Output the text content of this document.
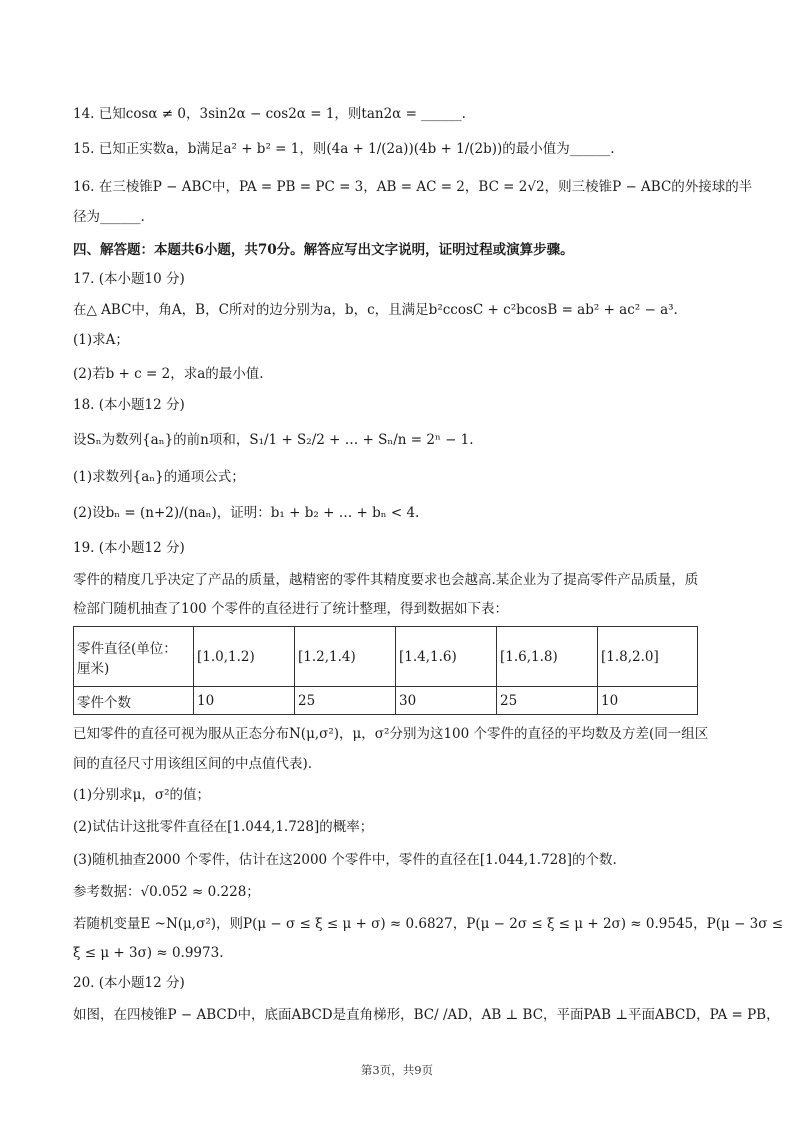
14. 已知cosα ≠ 0，3sin2α − cos2α = 1，则tan2α = ______.
15. 已知正实数a，b满足a² + b² = 1，则(4a + 1/(2a))(4b + 1/(2b))的最小值为______.
16. 在三棱锥P − ABC中，PA = PB = PC = 3，AB = AC = 2，BC = 2√2，则三棱锥P − ABC的外接球的半
径为______.
四、解答题：本题共6小题，共70分。解答应写出文字说明，证明过程或演算步骤。
17. (本小题10 分)
在△ ABC中，角A，B，C所对的边分别为a，b，c，且满足b²ccosC + c²bcosB = ab² + ac² − a³.
(1)求A；
(2)若b + c = 2，求a的最小值.
18. (本小题12 分)
设Sₙ为数列{aₙ}的前n项和，S₁/1 + S₂/2 + … + Sₙ/n = 2ⁿ − 1.
(1)求数列{aₙ}的通项公式；
(2)设bₙ = (n+2)/(naₙ)，证明：b₁ + b₂ + … + bₙ < 4.
19. (本小题12 分)
零件的精度几乎决定了产品的质量，越精密的零件其精度要求也会越高.某企业为了提高零件产品质量，质
检部门随机抽查了100 个零件的直径进行了统计整理，得到数据如下表：
零件直径(单位：厘米)	[1.0,1.2)	[1.2,1.4)	[1.4,1.6)	[1.6,1.8)	[1.8,2.0]
零件个数	10	25	30	25	10
已知零件的直径可视为服从正态分布N(μ,σ²)，μ，σ²分别为这100 个零件的直径的平均数及方差(同一组区
间的直径尺寸用该组区间的中点值代表).
(1)分别求μ，σ²的值；
(2)试估计这批零件直径在[1.044,1.728]的概率；
(3)随机抽查2000 个零件，估计在这2000 个零件中，零件的直径在[1.044,1.728]的个数.
参考数据：√0.052 ≈ 0.228；
若随机变量E ~N(μ,σ²)，则P(μ − σ ≤ ξ ≤ μ + σ) ≈ 0.6827，P(μ − 2σ ≤ ξ ≤ μ + 2σ) ≈ 0.9545，P(μ − 3σ ≤
ξ ≤ μ + 3σ) ≈ 0.9973.
20. (本小题12 分)
如图，在四棱锥P − ABCD中，底面ABCD是直角梯形，BC/ /AD，AB ⊥ BC，平面PAB ⊥平面ABCD，PA = PB，
第3页，共9页
